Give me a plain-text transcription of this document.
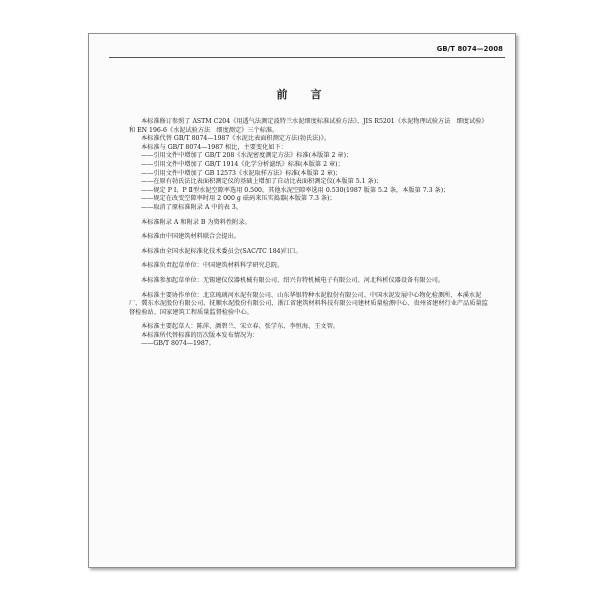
GB/T 8074—2008
前　言

本标准修订参照了 ASTM C204《用透气法测定波特兰水泥细度标准试验方法》、JIS R5201《水泥物理试验方法　细度试验》和 EN 196-6《水泥试验方法　细度测定》三个标准。

本标准代替 GB/T 8074—1987《水泥比表面积测定方法(勃氏法)》。

本标准与 GB/T 8074—1987 相比，主要变化如下：

——引用文件中增加了 GB/T 208《水泥密度测定方法》标准(本版第 2 章)；

——引用文件中增加了 GB/T 1914《化学分析滤纸》标准(本版第 2 章)；

——引用文件中增加了 GB 12573《水泥取样方法》标准(本版第 2 章)；

——在原有勃氏法比表面积测定仪的基础上增加了自动比表面积测定仪(本版第 5.1 条)；

——规定 P Ⅰ、P Ⅱ型水泥空隙率选用 0.500，其他水泥空隙率选用 0.530(1987 版第 5.2 条，本版第 7.3 条)；

——规定在改变空隙率时用 2 000 g 砝码来压实捣器(本版第 7.3 条)；

——取消了原标准附录 A 中的表 3。

本标准附录 A 和附录 B 为资料性附录。

本标准由中国建筑材料联合会提出。

本标准由全国水泥标准化技术委员会(SAC/TC 184)归口。

本标准负责起草单位：中国建筑材料科学研究总院。

本标准参加起草单位：无锡建仪仪器机械有限公司、绍兴肯特机械电子有限公司、河北科析仪器设备有限公司。

本标准主要协作单位：北京琉璃河水泥有限公司、山东华银特种水泥股份有限公司、中国水泥发展中心物化检测所、本溪水泥厂、冀东水泥股份有限公司、抚顺水泥股份有限公司、浙江省建筑材料科技有限公司建材质量检测中心、贵州省建材行业产品质量监督检验站、国家建筑工程质量监督检验中心。

本标准主要起草人：陈萍、颜碧兰、宋立春、张学东、李恒海、王文智。

本标准所代替标准的历次版本发布情况为：

——GB/T 8074—1987。
